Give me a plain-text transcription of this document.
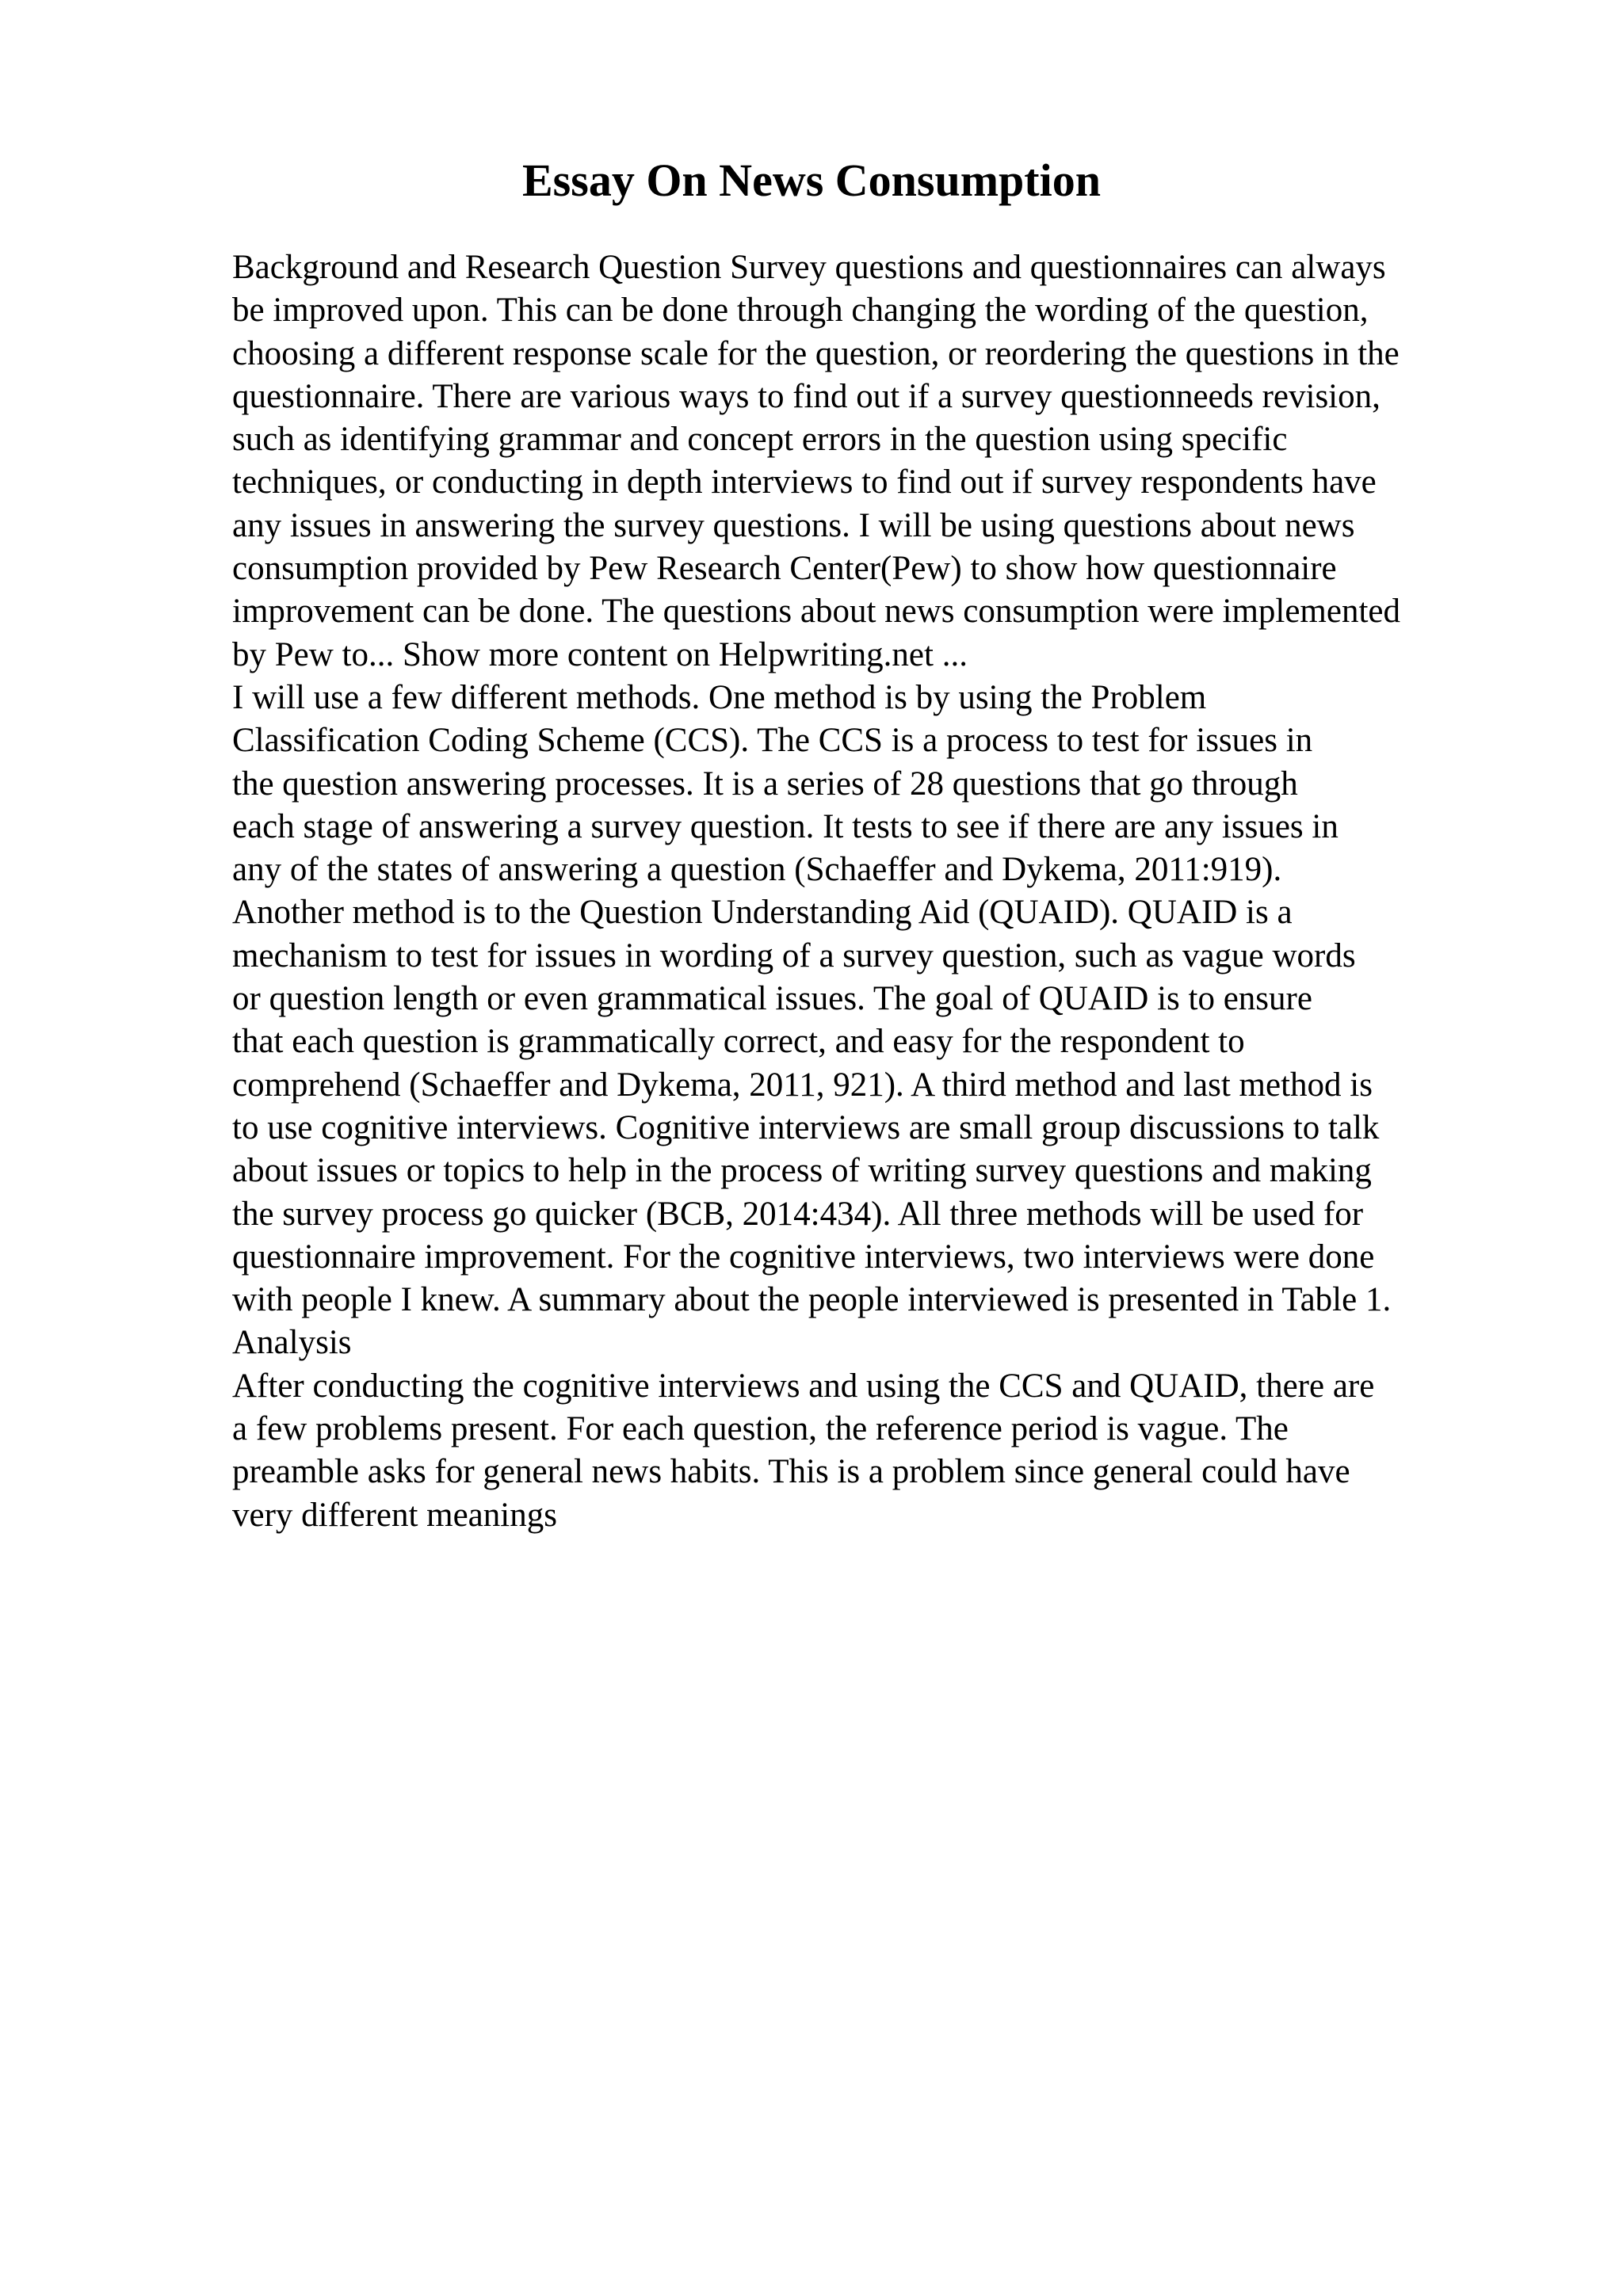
Essay On News Consumption
Background and Research Question Survey questions and questionnaires can always
be improved upon. This can be done through changing the wording of the question,
choosing a different response scale for the question, or reordering the questions in the
questionnaire. There are various ways to find out if a survey questionneeds revision,
such as identifying grammar and concept errors in the question using specific
techniques, or conducting in depth interviews to find out if survey respondents have
any issues in answering the survey questions. I will be using questions about news
consumption provided by Pew Research Center(Pew) to show how questionnaire
improvement can be done. The questions about news consumption were implemented
by Pew to... Show more content on Helpwriting.net ...
I will use a few different methods. One method is by using the Problem
Classification Coding Scheme (CCS). The CCS is a process to test for issues in
the question answering processes. It is a series of 28 questions that go through
each stage of answering a survey question. It tests to see if there are any issues in
any of the states of answering a question (Schaeffer and Dykema, 2011:919).
Another method is to the Question Understanding Aid (QUAID). QUAID is a
mechanism to test for issues in wording of a survey question, such as vague words
or question length or even grammatical issues. The goal of QUAID is to ensure
that each question is grammatically correct, and easy for the respondent to
comprehend (Schaeffer and Dykema, 2011, 921). A third method and last method is
to use cognitive interviews. Cognitive interviews are small group discussions to talk
about issues or topics to help in the process of writing survey questions and making
the survey process go quicker (BCB, 2014:434). All three methods will be used for
questionnaire improvement. For the cognitive interviews, two interviews were done
with people I knew. A summary about the people interviewed is presented in Table 1.
Analysis
After conducting the cognitive interviews and using the CCS and QUAID, there are
a few problems present. For each question, the reference period is vague. The
preamble asks for general news habits. This is a problem since general could have
very different meanings
